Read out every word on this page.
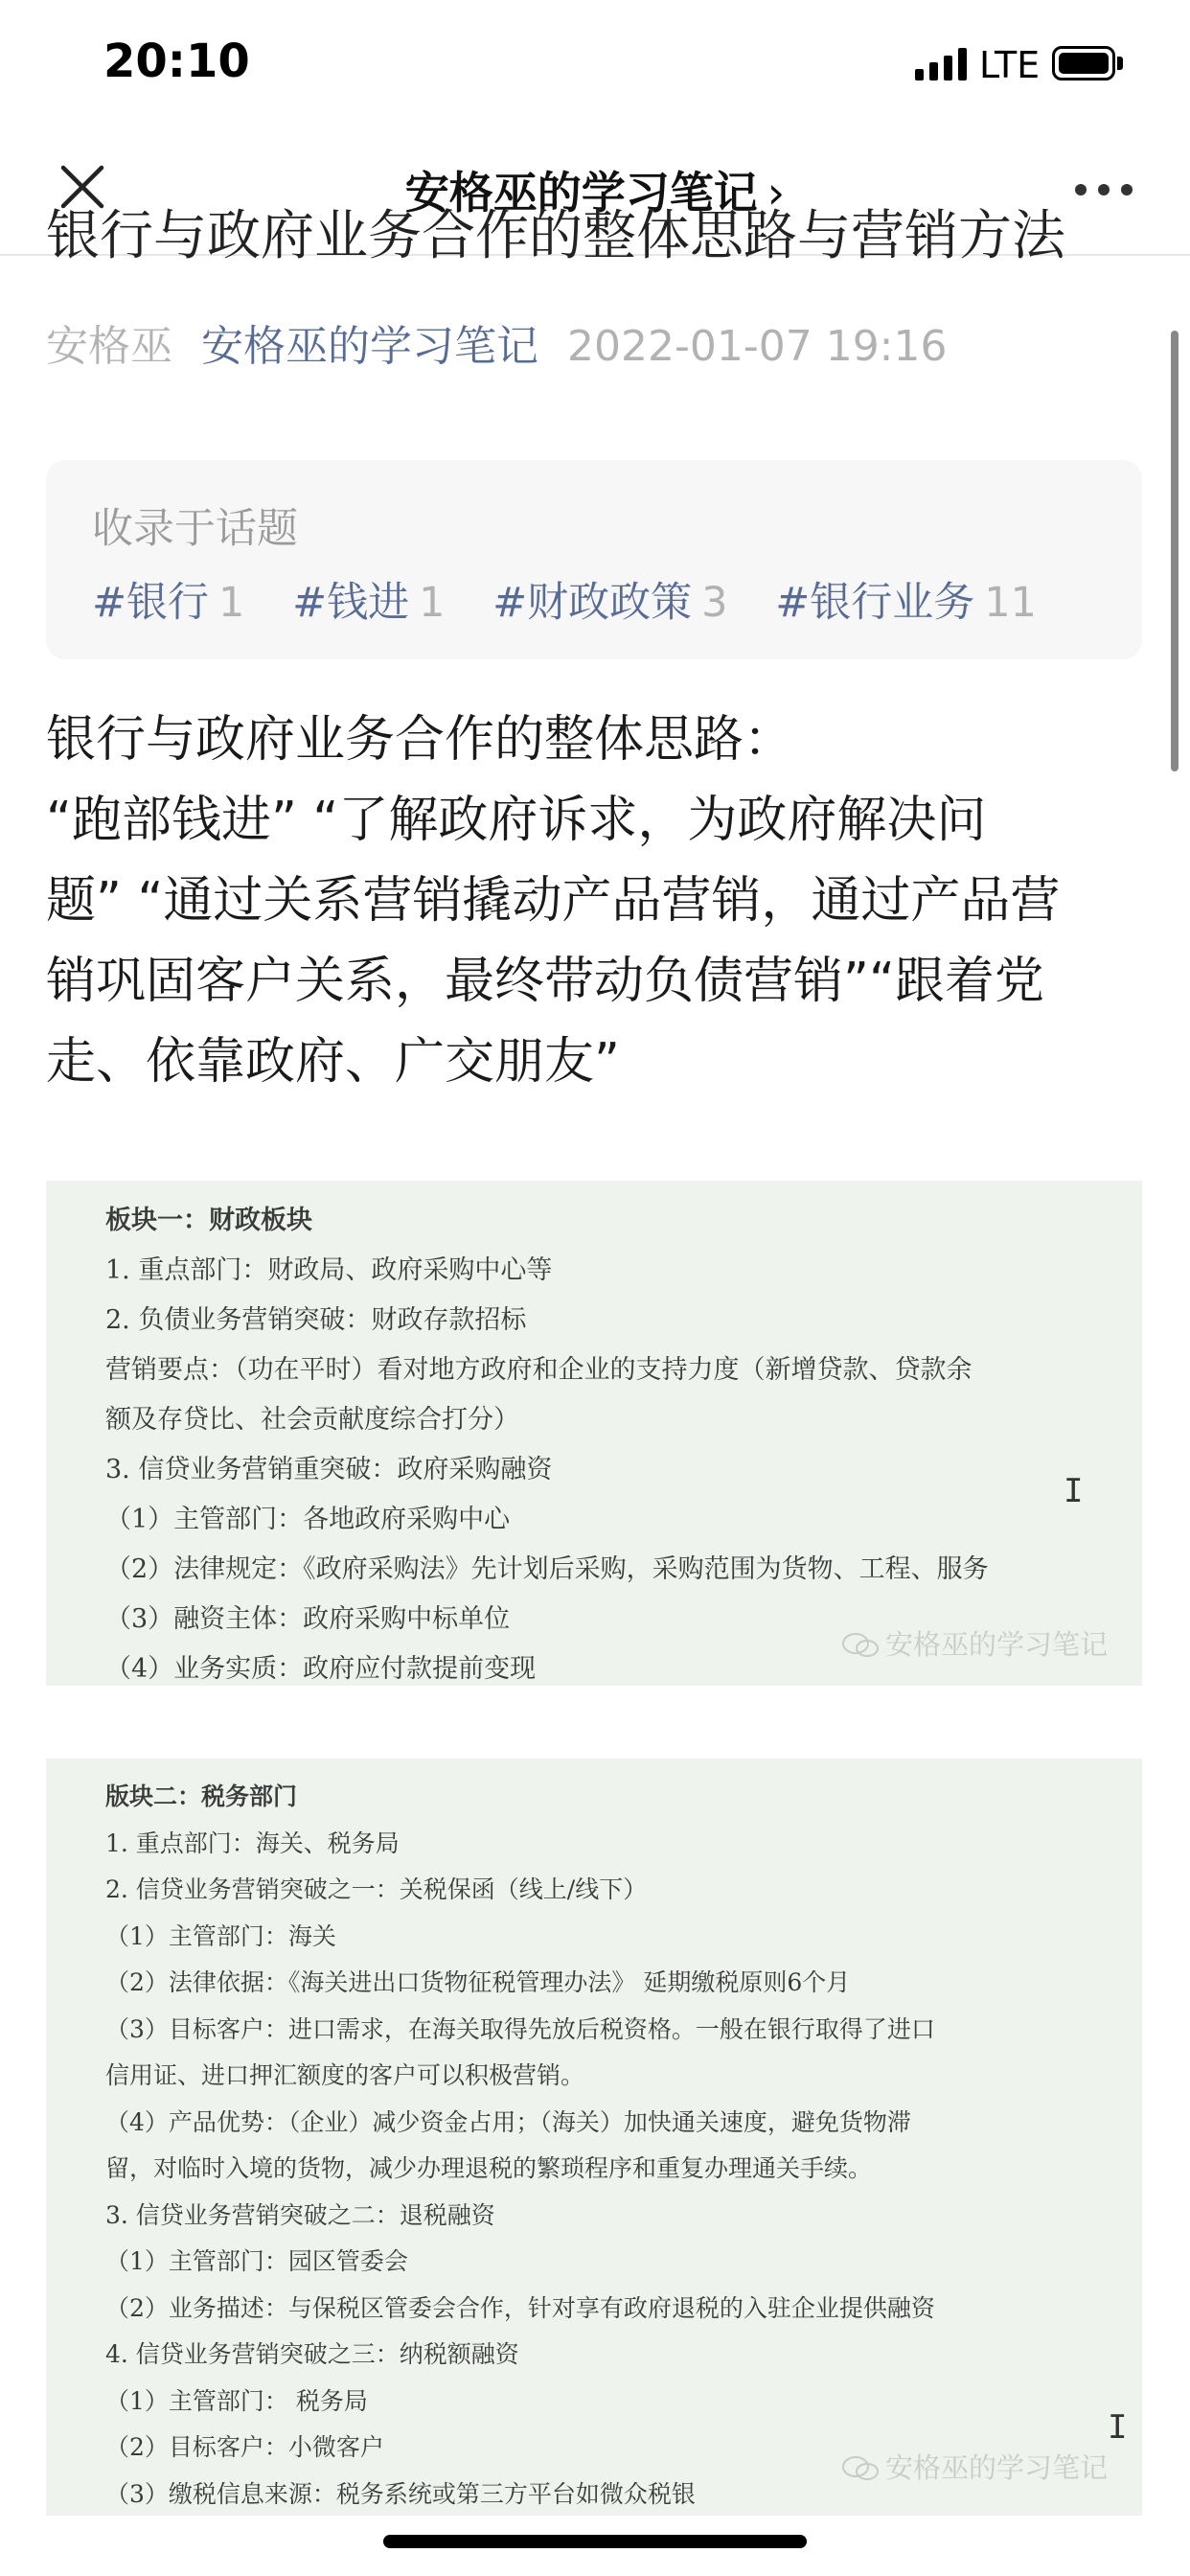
20:10	LTE
安格巫的学习笔记 ›
银行与政府业务合作的整体思路与营销方法
安格巫 安格巫的学习笔记 2022-01-07 19:16
收录于话题
#银行 1 #钱进 1 #财政政策 3 #银行业务 11
银行与政府业务合作的整体思路：
“跑部钱进” “了解政府诉求，为政府解决问
题” “通过关系营销撬动产品营销，通过产品营
销巩固客户关系，最终带动负债营销”“跟着党
走、依靠政府、广交朋友”
板块一：财政板块
1. 重点部门：财政局、政府采购中心等
2. 负债业务营销突破：财政存款招标
营销要点：（功在平时）看对地方政府和企业的支持力度（新增贷款、贷款余
额及存贷比、社会贡献度综合打分）
3. 信贷业务营销重突破：政府采购融资
（1）主管部门：各地政府采购中心
（2）法律规定：《政府采购法》先计划后采购，采购范围为货物、工程、服务
（3）融资主体：政府采购中标单位
（4）业务实质：政府应付款提前变现
I
安格巫的学习笔记
版块二：税务部门
1. 重点部门：海关、税务局
2. 信贷业务营销突破之一：关税保函（线上/线下）
（1）主管部门：海关
（2）法律依据：《海关进出口货物征税管理办法》 延期缴税原则6个月
（3）目标客户：进口需求，在海关取得先放后税资格。一般在银行取得了进口
信用证、进口押汇额度的客户可以积极营销。
（4）产品优势：（企业）减少资金占用；（海关）加快通关速度，避免货物滞
留，对临时入境的货物，减少办理退税的繁琐程序和重复办理通关手续。
3. 信贷业务营销突破之二：退税融资
（1）主管部门：园区管委会
（2）业务描述：与保税区管委会合作，针对享有政府退税的入驻企业提供融资
4. 信贷业务营销突破之三：纳税额融资
（1）主管部门： 税务局
（2）目标客户：小微客户
（3）缴税信息来源：税务系统或第三方平台如微众税银
I
安格巫的学习笔记
